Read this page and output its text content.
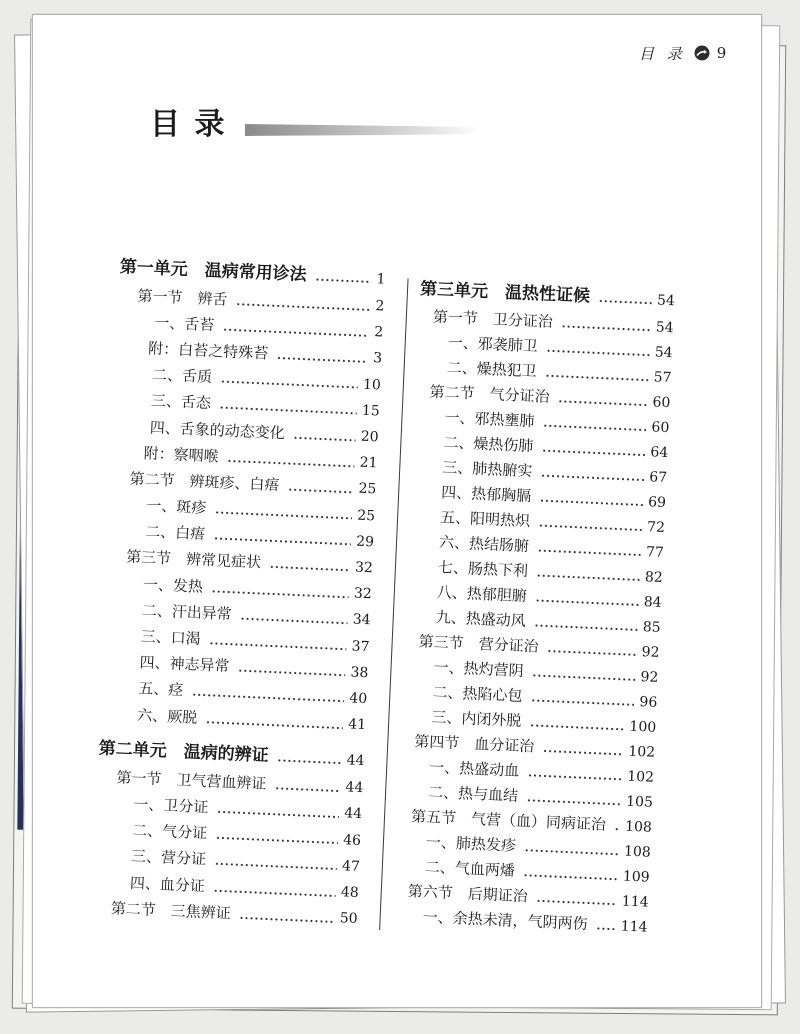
目 录 9
目 录
第一单元　温病常用诊法	1
第一节　辨舌	2
一、舌苔	2
附：白苔之特殊苔	3
二、舌质	10
三、舌态	15
四、舌象的动态变化	20
附：察咽喉	21
第二节　辨斑疹、白痦	25
一、斑疹	25
二、白痦	29
第三节　辨常见症状	32
一、发热	32
二、汗出异常	34
三、口渴	37
四、神志异常	38
五、痉	40
六、厥脱	41
第二单元　温病的辨证	44
第一节　卫气营血辨证	44
一、卫分证	44
二、气分证	46
三、营分证	47
四、血分证	48
第二节　三焦辨证	50
第三单元　温热性证候	54
第一节　卫分证治	54
一、邪袭肺卫	54
二、燥热犯卫	57
第二节　气分证治	60
一、邪热壅肺	60
二、燥热伤肺	64
三、肺热腑实	67
四、热郁胸膈	69
五、阳明热炽	72
六、热结肠腑	77
七、肠热下利	82
八、热郁胆腑	84
九、热盛动风	85
第三节　营分证治	92
一、热灼营阴	92
二、热陷心包	96
三、内闭外脱	100
第四节　血分证治	102
一、热盛动血	102
二、热与血结	105
第五节　气营（血）同病证治 108
一、肺热发疹	108
二、气血两燔	109
第六节　后期证治	114
一、余热未清，气阴两伤 114
